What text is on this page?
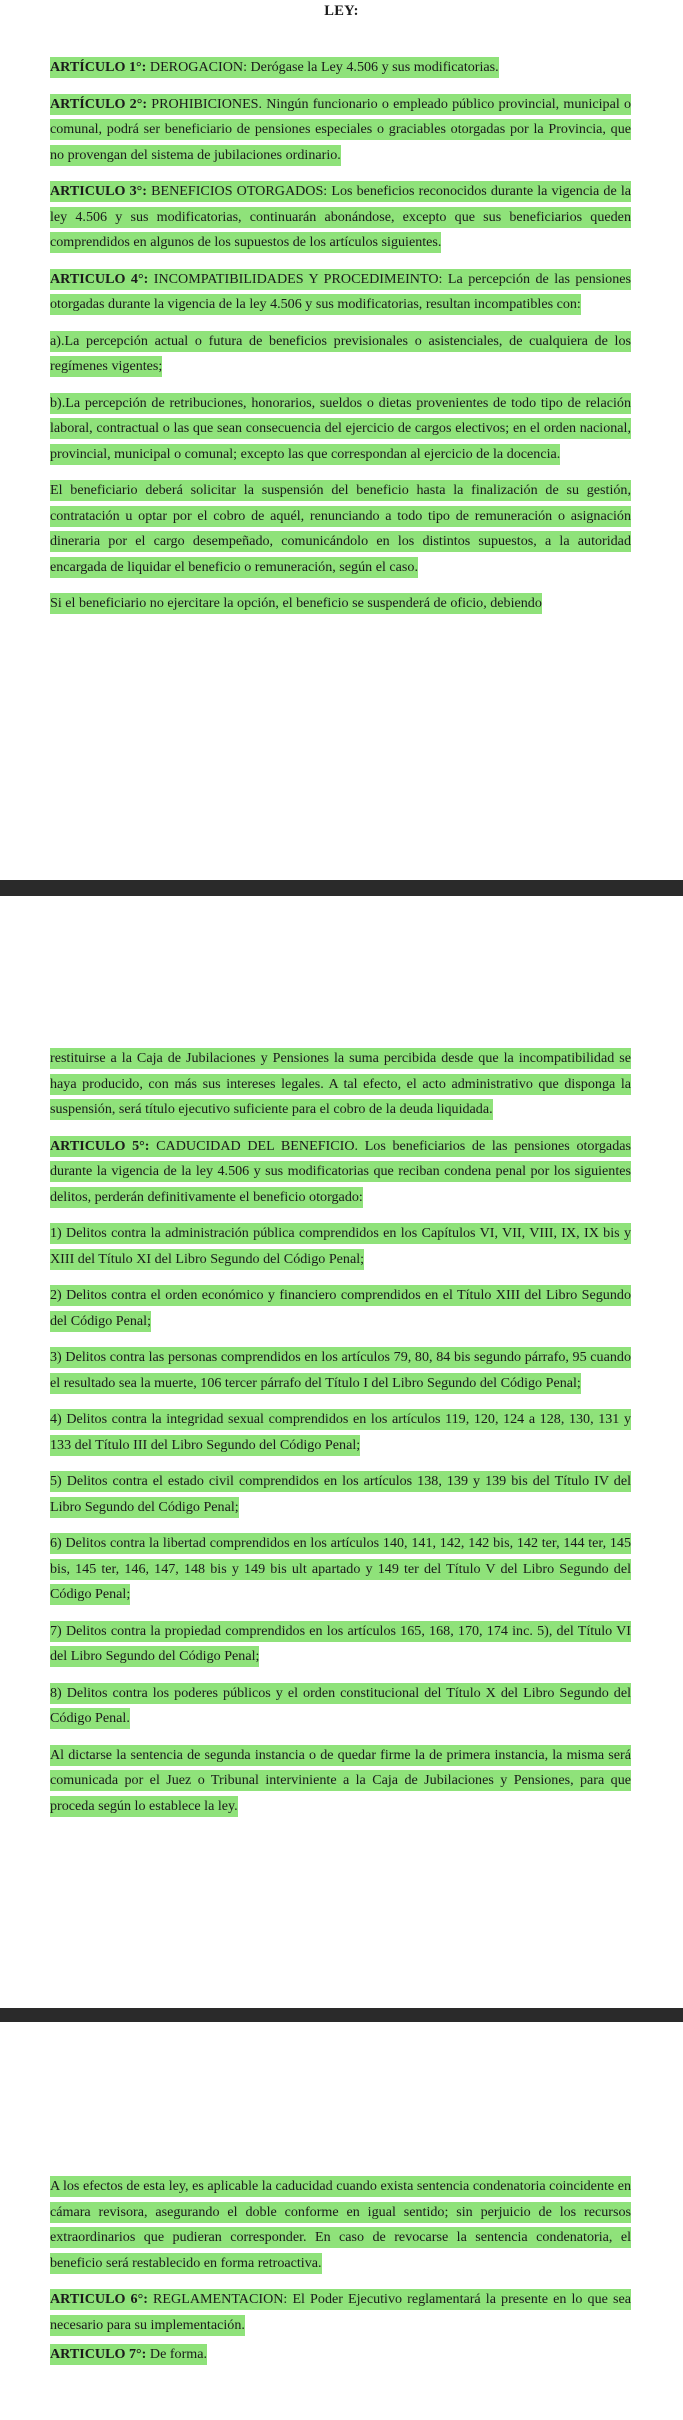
LEY:

ARTÍCULO 1°: DEROGACION: Derógase la Ley 4.506 y sus modificatorias.

ARTÍCULO 2°: PROHIBICIONES. Ningún funcionario o empleado público provincial, municipal o comunal, podrá ser beneficiario de pensiones especiales o graciables otorgadas por la Provincia, que no provengan del sistema de jubilaciones ordinario.

ARTICULO 3°: BENEFICIOS OTORGADOS: Los beneficios reconocidos durante la vigencia de la ley 4.506 y sus modificatorias, continuarán abonándose, excepto que sus beneficiarios queden comprendidos en algunos de los supuestos de los artículos siguientes.

ARTICULO 4°: INCOMPATIBILIDADES Y PROCEDIMEINTO: La percepción de las pensiones otorgadas durante la vigencia de la ley 4.506 y sus modificatorias, resultan incompatibles con:

a).La percepción actual o futura de beneficios previsionales o asistenciales, de cualquiera de los regímenes vigentes;

b).La percepción de retribuciones, honorarios, sueldos o dietas provenientes de todo tipo de relación laboral, contractual o las que sean consecuencia del ejercicio de cargos electivos; en el orden nacional, provincial, municipal o comunal; excepto las que correspondan al ejercicio de la docencia.

El beneficiario deberá solicitar la suspensión del beneficio hasta la finalización de su gestión, contratación u optar por el cobro de aquél, renunciando a todo tipo de remuneración o asignación dineraria por el cargo desempeñado, comunicándolo en los distintos supuestos, a la autoridad encargada de liquidar el beneficio o remuneración, según el caso.

Si el beneficiario no ejercitare la opción, el beneficio se suspenderá de oficio, debiendo

restituirse a la Caja de Jubilaciones y Pensiones la suma percibida desde que la incompatibilidad se haya producido, con más sus intereses legales. A tal efecto, el acto administrativo que disponga la suspensión, será título ejecutivo suficiente para el cobro de la deuda liquidada.

ARTICULO 5°: CADUCIDAD DEL BENEFICIO. Los beneficiarios de las pensiones otorgadas durante la vigencia de la ley 4.506 y sus modificatorias que reciban condena penal por los siguientes delitos, perderán definitivamente el beneficio otorgado:

1) Delitos contra la administración pública comprendidos en los Capítulos VI, VII, VIII, IX, IX bis y XIII del Título XI del Libro Segundo del Código Penal;

2) Delitos contra el orden económico y financiero comprendidos en el Título XIII del Libro Segundo del Código Penal;

3) Delitos contra las personas comprendidos en los artículos 79, 80, 84 bis segundo párrafo, 95 cuando el resultado sea la muerte, 106 tercer párrafo del Título I del Libro Segundo del Código Penal;

4) Delitos contra la integridad sexual comprendidos en los artículos 119, 120, 124 a 128, 130, 131 y 133 del Título III del Libro Segundo del Código Penal;

5) Delitos contra el estado civil comprendidos en los artículos 138, 139 y 139 bis del Título IV del Libro Segundo del Código Penal;

6) Delitos contra la libertad comprendidos en los artículos 140, 141, 142, 142 bis, 142 ter, 144 ter, 145 bis, 145 ter, 146, 147, 148 bis y 149 bis ult apartado y 149 ter del Título V del Libro Segundo del Código Penal;

7) Delitos contra la propiedad comprendidos en los artículos 165, 168, 170, 174 inc. 5), del Título VI del Libro Segundo del Código Penal;

8) Delitos contra los poderes públicos y el orden constitucional del Título X del Libro Segundo del Código Penal.

Al dictarse la sentencia de segunda instancia o de quedar firme la de primera instancia, la misma será comunicada por el Juez o Tribunal interviniente a la Caja de Jubilaciones y Pensiones, para que proceda según lo establece la ley.

A los efectos de esta ley, es aplicable la caducidad cuando exista sentencia condenatoria coincidente en cámara revisora, asegurando el doble conforme en igual sentido; sin perjuicio de los recursos extraordinarios que pudieran corresponder. En caso de revocarse la sentencia condenatoria, el beneficio será restablecido en forma retroactiva.

ARTICULO 6°: REGLAMENTACION: El Poder Ejecutivo reglamentará la presente en lo que sea necesario para su implementación.

ARTICULO 7°: De forma.
